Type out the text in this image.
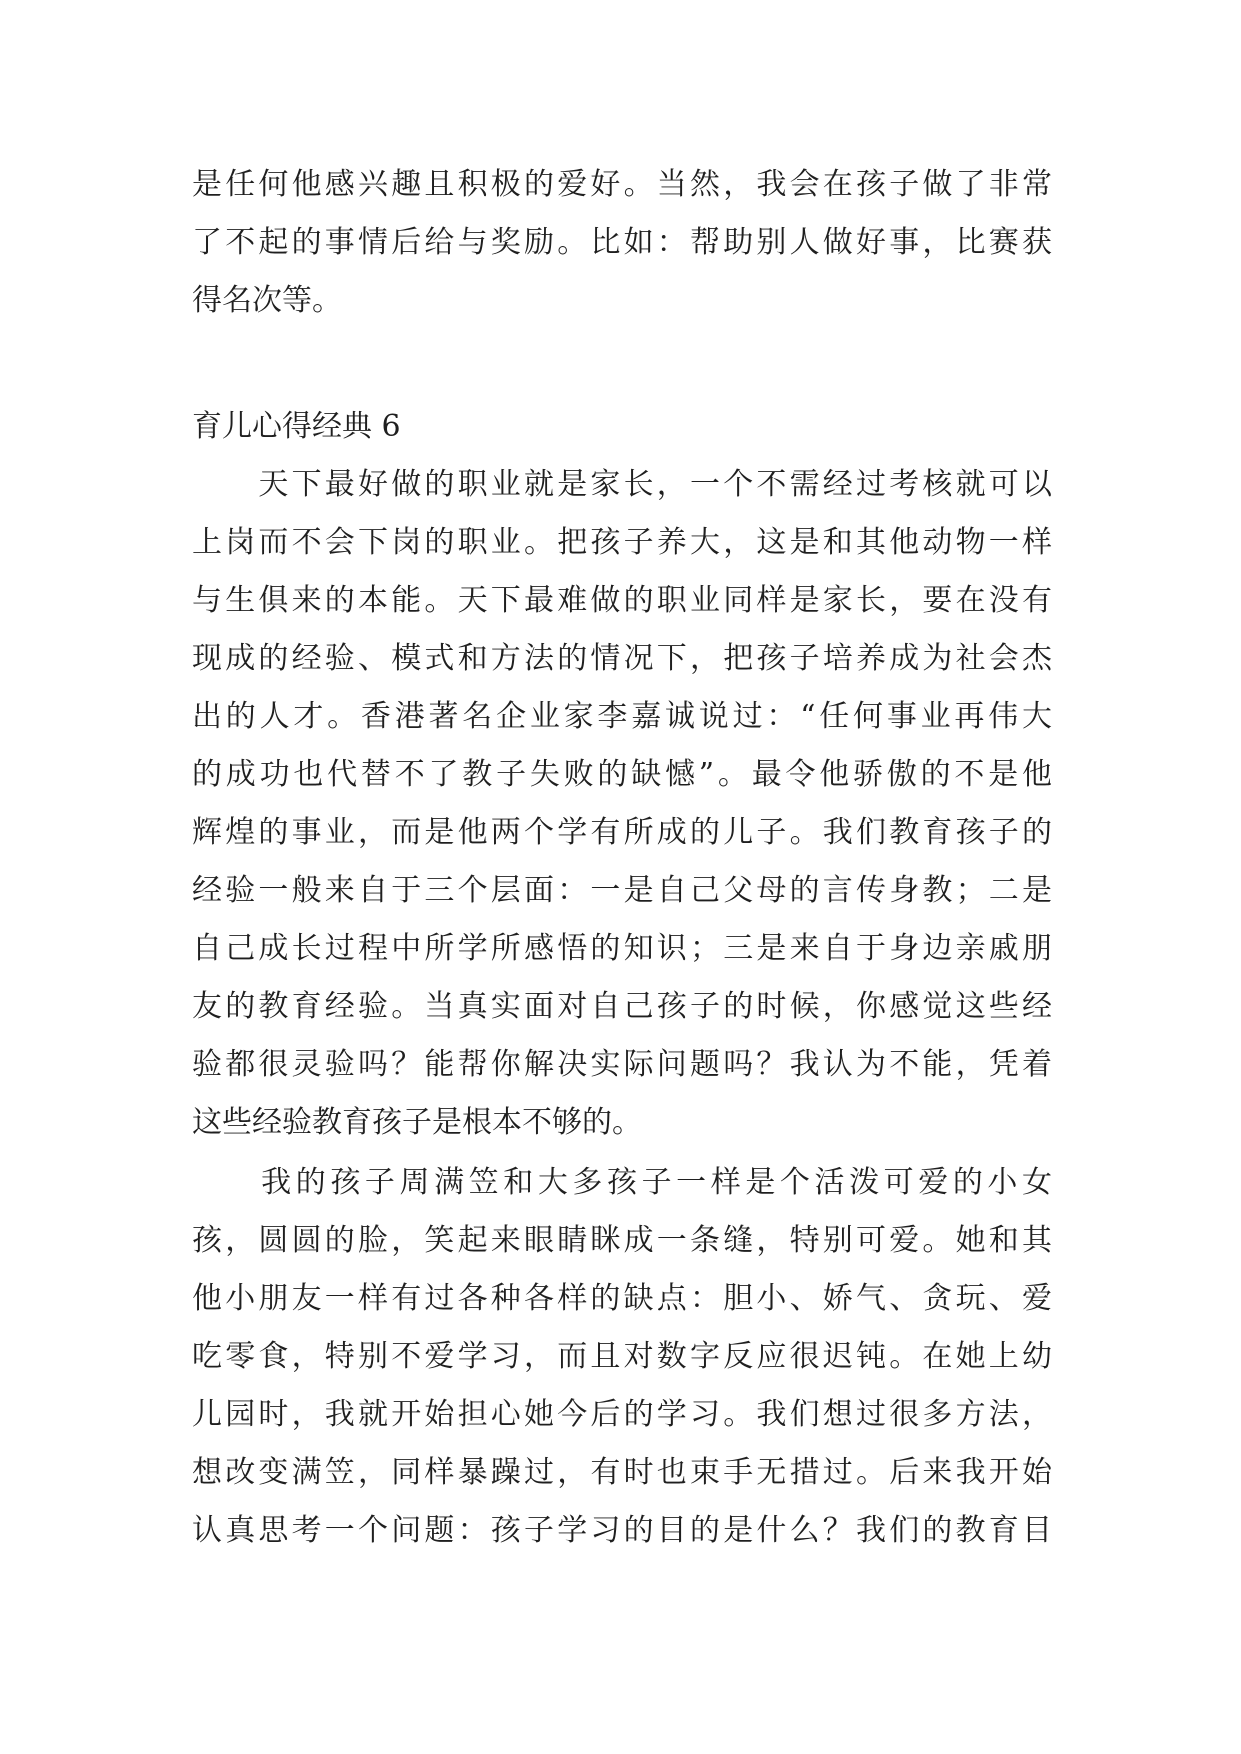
是任何他感兴趣且积极的爱好。当然，我会在孩子做了非常
了不起的事情后给与奖励。比如：帮助别人做好事，比赛获
得名次等。
育儿心得经典 6
　　天下最好做的职业就是家长，一个不需经过考核就可以
上岗而不会下岗的职业。把孩子养大，这是和其他动物一样
与生俱来的本能。天下最难做的职业同样是家长，要在没有
现成的经验、模式和方法的情况下，把孩子培养成为社会杰
出的人才。香港著名企业家李嘉诚说过：“任何事业再伟大
的成功也代替不了教子失败的缺憾”。最令他骄傲的不是他
辉煌的事业，而是他两个学有所成的儿子。我们教育孩子的
经验一般来自于三个层面：一是自己父母的言传身教；二是
自己成长过程中所学所感悟的知识；三是来自于身边亲戚朋
友的教育经验。当真实面对自己孩子的时候，你感觉这些经
验都很灵验吗？能帮你解决实际问题吗？我认为不能，凭着
这些经验教育孩子是根本不够的。
　　我的孩子周满笠和大多孩子一样是个活泼可爱的小女
孩，圆圆的脸，笑起来眼睛眯成一条缝，特别可爱。她和其
他小朋友一样有过各种各样的缺点：胆小、娇气、贪玩、爱
吃零食，特别不爱学习，而且对数字反应很迟钝。在她上幼
儿园时，我就开始担心她今后的学习。我们想过很多方法，
想改变满笠，同样暴躁过，有时也束手无措过。后来我开始
认真思考一个问题：孩子学习的目的是什么？我们的教育目
